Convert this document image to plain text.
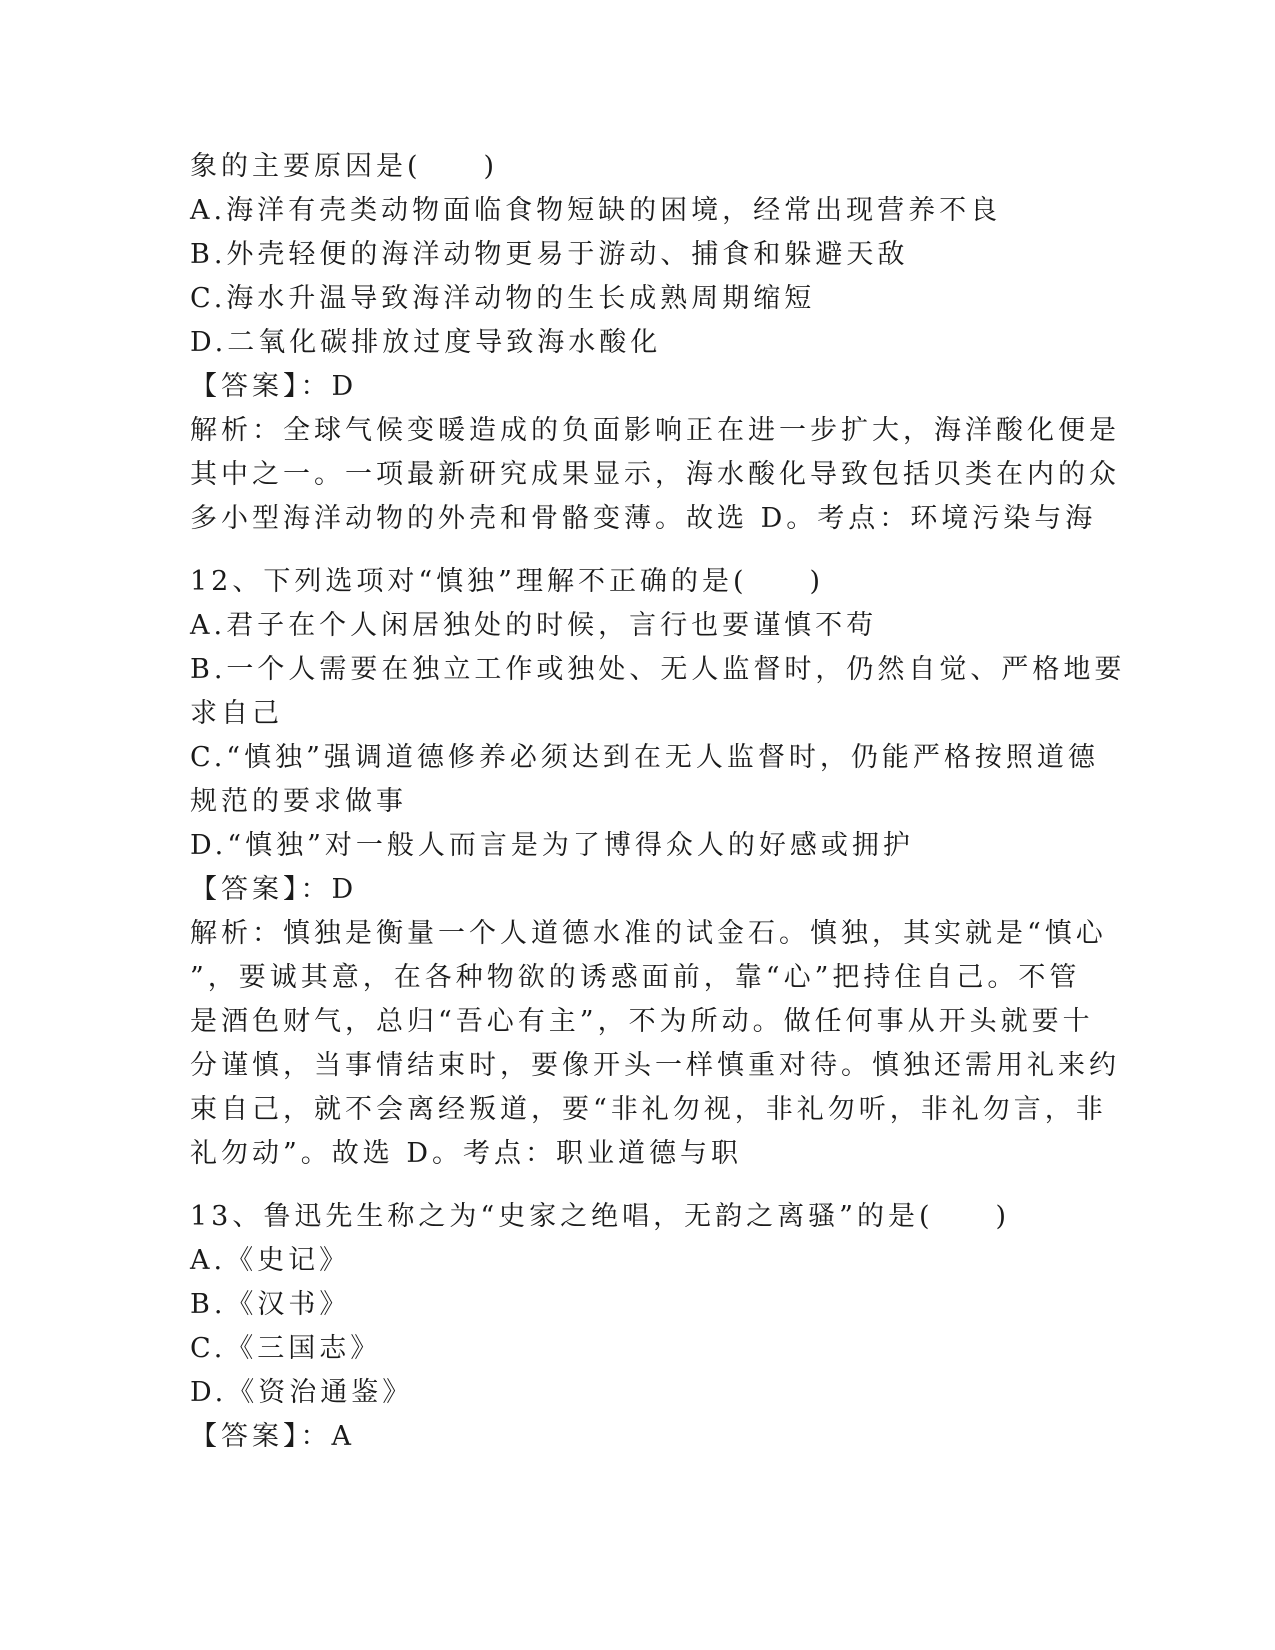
象的主要原因是(　　)
A.海洋有壳类动物面临食物短缺的困境，经常出现营养不良
B.外壳轻便的海洋动物更易于游动、捕食和躲避天敌
C.海水升温导致海洋动物的生长成熟周期缩短
D.二氧化碳排放过度导致海水酸化
【答案】：D
解析：全球气候变暖造成的负面影响正在进一步扩大，海洋酸化便是
其中之一。一项最新研究成果显示，海水酸化导致包括贝类在内的众
多小型海洋动物的外壳和骨骼变薄。故选 D。考点：环境污染与海
12、下列选项对“慎独”理解不正确的是(　　)
A.君子在个人闲居独处的时候，言行也要谨慎不苟
B.一个人需要在独立工作或独处、无人监督时，仍然自觉、严格地要
求自己
C.“慎独”强调道德修养必须达到在无人监督时，仍能严格按照道德
规范的要求做事
D.“慎独”对一般人而言是为了博得众人的好感或拥护
【答案】：D
解析：慎独是衡量一个人道德水准的试金石。慎独，其实就是“慎心
”，要诚其意，在各种物欲的诱惑面前，靠“心”把持住自己。不管
是酒色财气，总归“吾心有主”，不为所动。做任何事从开头就要十
分谨慎，当事情结束时，要像开头一样慎重对待。慎独还需用礼来约
束自己，就不会离经叛道，要“非礼勿视，非礼勿听，非礼勿言，非
礼勿动”。故选 D。考点：职业道德与职
13、鲁迅先生称之为“史家之绝唱，无韵之离骚”的是(　　)
A.《史记》
B.《汉书》
C.《三国志》
D.《资治通鉴》
【答案】：A
